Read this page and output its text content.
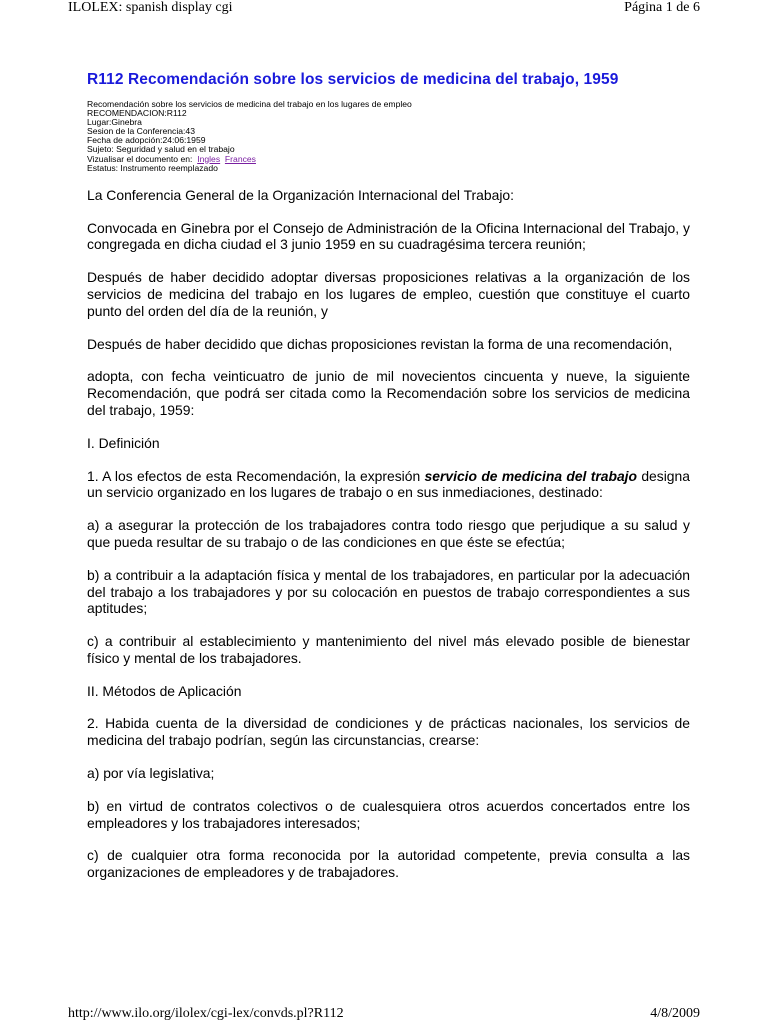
ILOLEX: spanish display cgi	Página 1 de 6
R112 Recomendación sobre los servicios de medicina del trabajo, 1959
Recomendación sobre los servicios de medicina del trabajo en los lugares de empleo
RECOMENDACION:R112
Lugar:Ginebra
Sesion de la Conferencia:43
Fecha de adopción:24:06:1959
Sujeto: Seguridad y salud en el trabajo
Vizualisar el documento en: Ingles Frances
Estatus: Instrumento reemplazado

La Conferencia General de la Organización Internacional del Trabajo:

Convocada en Ginebra por el Consejo de Administración de la Oficina Internacional del Trabajo, y congregada en dicha ciudad el 3 junio 1959 en su cuadragésima tercera reunión;

Después de haber decidido adoptar diversas proposiciones relativas a la organización de los servicios de medicina del trabajo en los lugares de empleo, cuestión que constituye el cuarto punto del orden del día de la reunión, y

Después de haber decidido que dichas proposiciones revistan la forma de una recomendación,

adopta, con fecha veinticuatro de junio de mil novecientos cincuenta y nueve, la siguiente Recomendación, que podrá ser citada como la Recomendación sobre los servicios de medicina del trabajo, 1959:

I. Definición

1. A los efectos de esta Recomendación, la expresión servicio de medicina del trabajo designa un servicio organizado en los lugares de trabajo o en sus inmediaciones, destinado:

a) a asegurar la protección de los trabajadores contra todo riesgo que perjudique a su salud y que pueda resultar de su trabajo o de las condiciones en que éste se efectúa;

b) a contribuir a la adaptación física y mental de los trabajadores, en particular por la adecuación del trabajo a los trabajadores y por su colocación en puestos de trabajo correspondientes a sus aptitudes;

c) a contribuir al establecimiento y mantenimiento del nivel más elevado posible de bienestar físico y mental de los trabajadores.

II. Métodos de Aplicación

2. Habida cuenta de la diversidad de condiciones y de prácticas nacionales, los servicios de medicina del trabajo podrían, según las circunstancias, crearse:

a) por vía legislativa;

b) en virtud de contratos colectivos o de cualesquiera otros acuerdos concertados entre los empleadores y los trabajadores interesados;

c) de cualquier otra forma reconocida por la autoridad competente, previa consulta a las organizaciones de empleadores y de trabajadores.

http://www.ilo.org/ilolex/cgi-lex/convds.pl?R112	4/8/2009
